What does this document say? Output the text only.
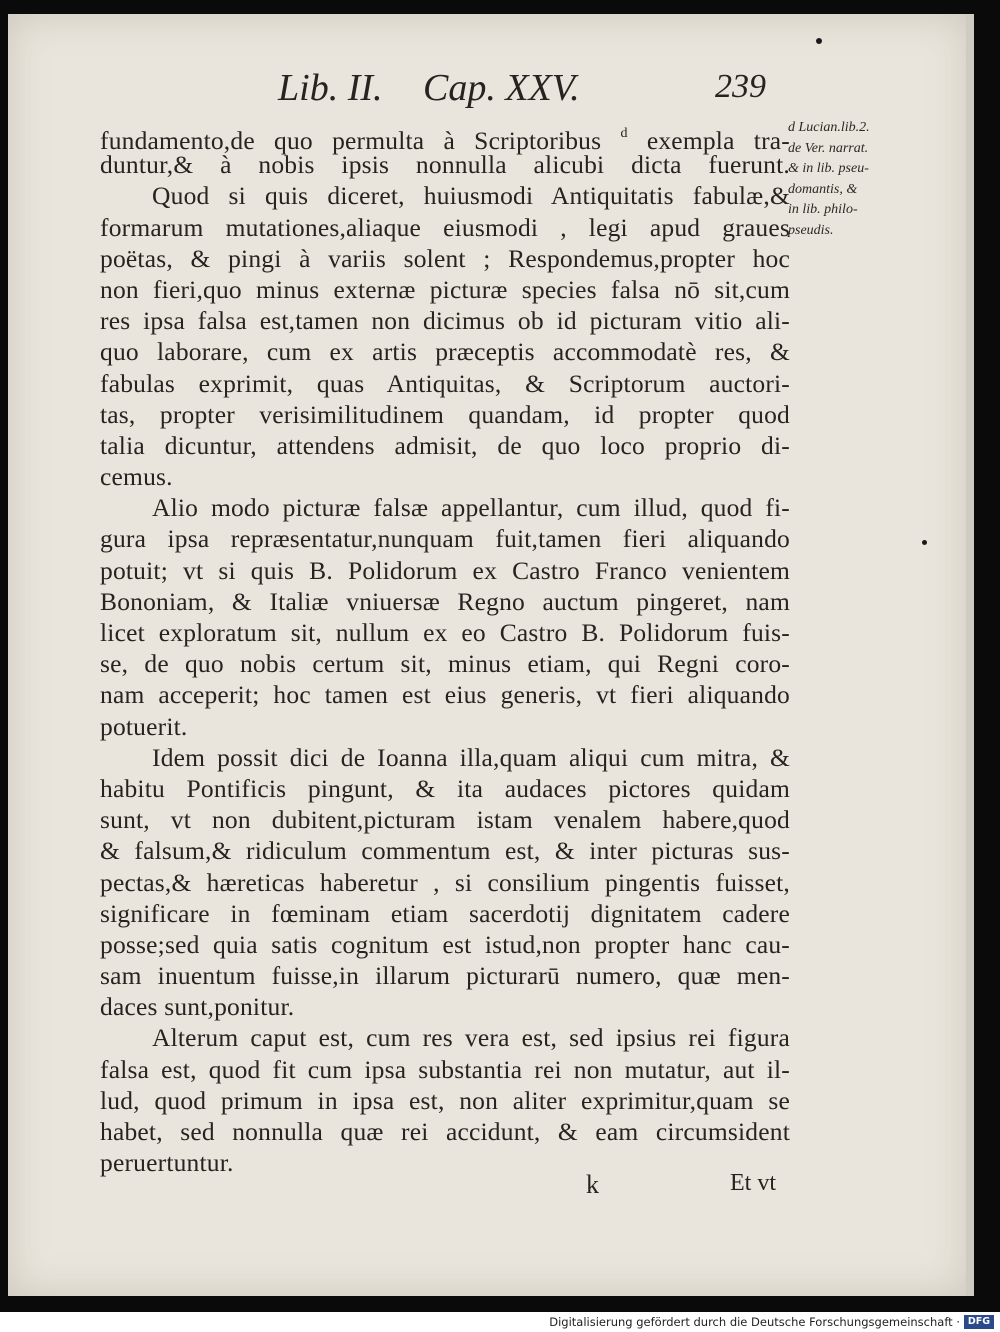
Lib. II. Cap. XXV.	239
fundamento,de quo permulta à Scriptoribus $^d$ exempla tra-
duntur,& à nobis ipsis nonnulla alicubi dicta fuerunt.
Quod si quis diceret, huiusmodi Antiquitatis fabulæ,&
formarum mutationes,aliaque eiusmodi , legi apud graues
poëtas, & pingi à variis solent ; Respondemus,propter hoc
non fieri,quo minus externæ picturæ species falsa nō sit,cum
res ipsa falsa est,tamen non dicimus ob id picturam vitio ali-
quo laborare, cum ex artis præceptis accommodatè res, &
fabulas exprimit, quas Antiquitas, & Scriptorum auctori-
tas, propter verisimilitudinem quandam, id propter quod
talia dicuntur, attendens admisit, de quo loco proprio di-
cemus.
Alio modo picturæ falsæ appellantur, cum illud, quod fi-
gura ipsa repræsentatur,nunquam fuit,tamen fieri aliquando
potuit; vt si quis B. Polidorum ex Castro Franco venientem
Bononiam, & Italiæ vniuersæ Regno auctum pingeret, nam
licet exploratum sit, nullum ex eo Castro B. Polidorum fuis-
se, de quo nobis certum sit, minus etiam, qui Regni coro-
nam acceperit; hoc tamen est eius generis, vt fieri aliquando
potuerit.
Idem possit dici de Ioanna illa,quam aliqui cum mitra, &
habitu Pontificis pingunt, & ita audaces pictores quidam
sunt, vt non dubitent,picturam istam venalem habere,quod
& falsum,& ridiculum commentum est, & inter picturas sus-
pectas,& hæreticas haberetur , si consilium pingentis fuisset,
significare in fœminam etiam sacerdotij dignitatem cadere
posse;sed quia satis cognitum est istud,non propter hanc cau-
sam inuentum fuisse,in illarum picturarū numero, quæ men-
daces sunt,ponitur.
Alterum caput est, cum res vera est, sed ipsius rei figura
falsa est, quod fit cum ipsa substantia rei non mutatur, aut il-
lud, quod primum in ipsa est, non aliter exprimitur,quam se
habet, sed nonnulla quæ rei accidunt, & eam circumsident
peruertuntur.
d Lucian.lib.2.
de Ver. narrat.
& in lib. pseu-
domantis, &
in lib. philo-
pseudis.
k	Et vt
Digitalisierung gefördert durch die Deutsche Forschungsgemeinschaft · DFG
